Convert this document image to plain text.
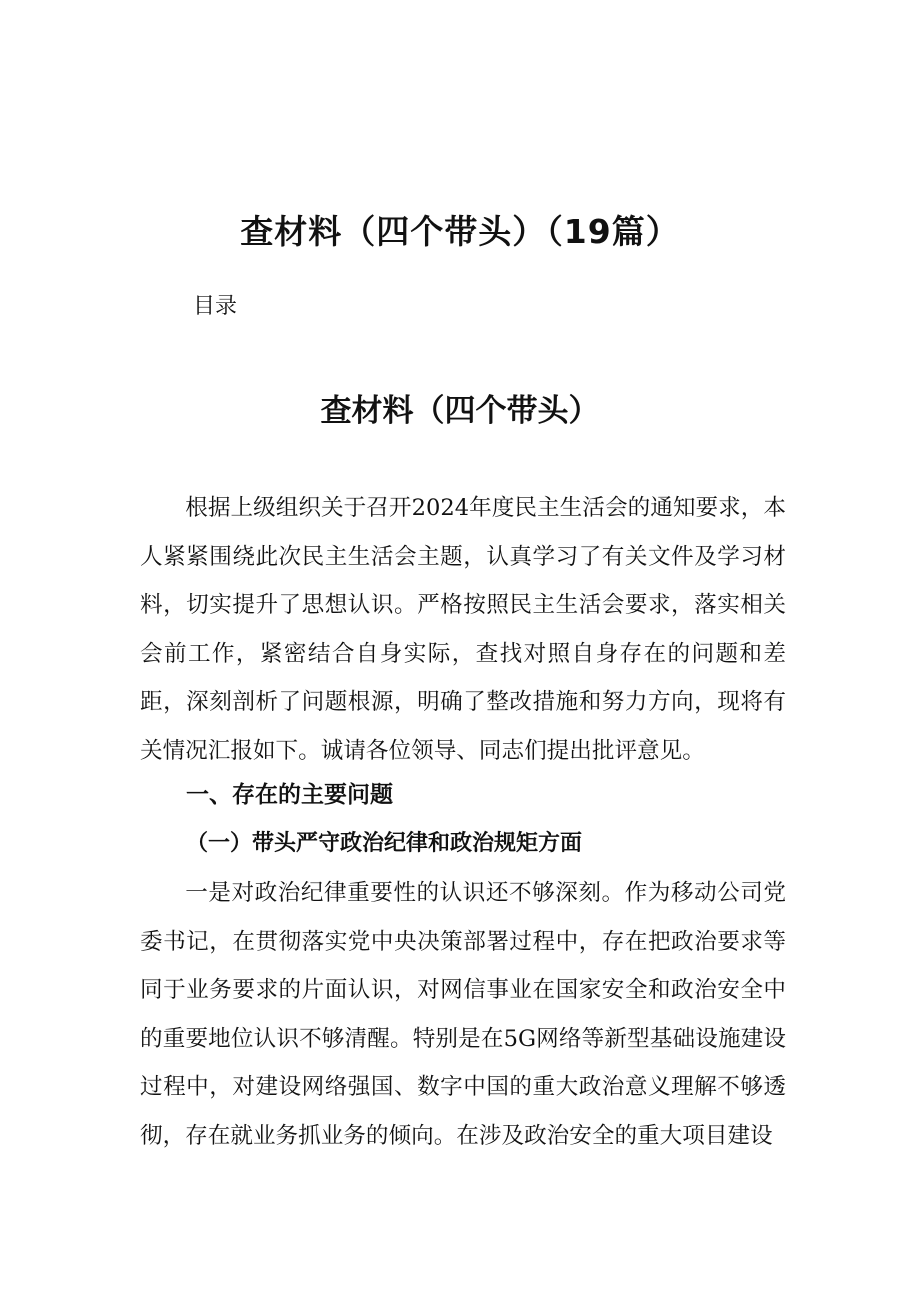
查材料（四个带头）（19篇）
目录
查材料（四个带头）

根据上级组织关于召开2024年度民主生活会的通知要求，本人紧紧围绕此次民主生活会主题，认真学习了有关文件及学习材料，切实提升了思想认识。严格按照民主生活会要求，落实相关会前工作，紧密结合自身实际，查找对照自身存在的问题和差距，深刻剖析了问题根源，明确了整改措施和努力方向，现将有关情况汇报如下。诚请各位领导、同志们提出批评意见。

一、存在的主要问题
（一）带头严守政治纪律和政治规矩方面

一是对政治纪律重要性的认识还不够深刻。作为移动公司党委书记，在贯彻落实党中央决策部署过程中，存在把政治要求等同于业务要求的片面认识，对网信事业在国家安全和政治安全中的重要地位认识不够清醒。特别是在5G网络等新型基础设施建设过程中，对建设网络强国、数字中国的重大政治意义理解不够透彻，存在就业务抓业务的倾向。在涉及政治安全的重大项目建设
